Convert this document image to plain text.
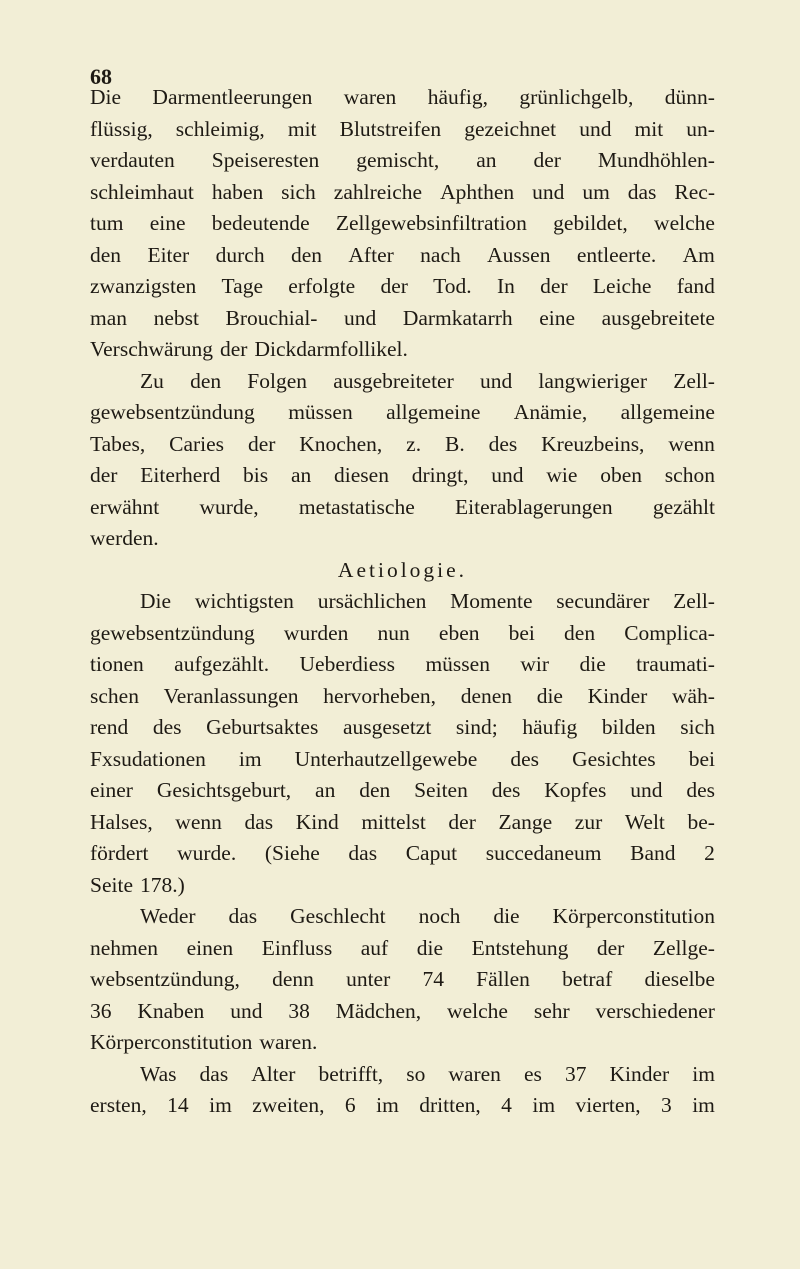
68
Die Darmentleerungen waren häufig, grünlichgelb, dünn-
flüssig, schleimig, mit Blutstreifen gezeichnet und mit un-
verdauten Speiseresten gemischt, an der Mundhöhlen-
schleimhaut haben sich zahlreiche Aphthen und um das Rec-
tum eine bedeutende Zellgewebsinfiltration gebildet, welche
den Eiter durch den After nach Aussen entleerte. Am
zwanzigsten Tage erfolgte der Tod. In der Leiche fand
man nebst Brouchial- und Darmkatarrh eine ausgebreitete
Verschwärung der Dickdarmfollikel.
Zu den Folgen ausgebreiteter und langwieriger Zell-
gewebsentzündung müssen allgemeine Anämie, allgemeine
Tabes, Caries der Knochen, z. B. des Kreuzbeins, wenn
der Eiterherd bis an diesen dringt, und wie oben schon
erwähnt wurde, metastatische Eiterablagerungen gezählt
werden.
Aetiologie.
Die wichtigsten ursächlichen Momente secundärer Zell-
gewebsentzündung wurden nun eben bei den Complica-
tionen aufgezählt. Ueberdiess müssen wir die traumati-
schen Veranlassungen hervorheben, denen die Kinder wäh-
rend des Geburtsaktes ausgesetzt sind; häufig bilden sich
Fxsudationen im Unterhautzellgewebe des Gesichtes bei
einer Gesichtsgeburt, an den Seiten des Kopfes und des
Halses, wenn das Kind mittelst der Zange zur Welt be-
fördert wurde. (Siehe das Caput succedaneum Band 2
Seite 178.)
Weder das Geschlecht noch die Körperconstitution
nehmen einen Einfluss auf die Entstehung der Zellge-
websentzündung, denn unter 74 Fällen betraf dieselbe
36 Knaben und 38 Mädchen, welche sehr verschiedener
Körperconstitution waren.
Was das Alter betrifft, so waren es 37 Kinder im
ersten, 14 im zweiten, 6 im dritten, 4 im vierten, 3 im
